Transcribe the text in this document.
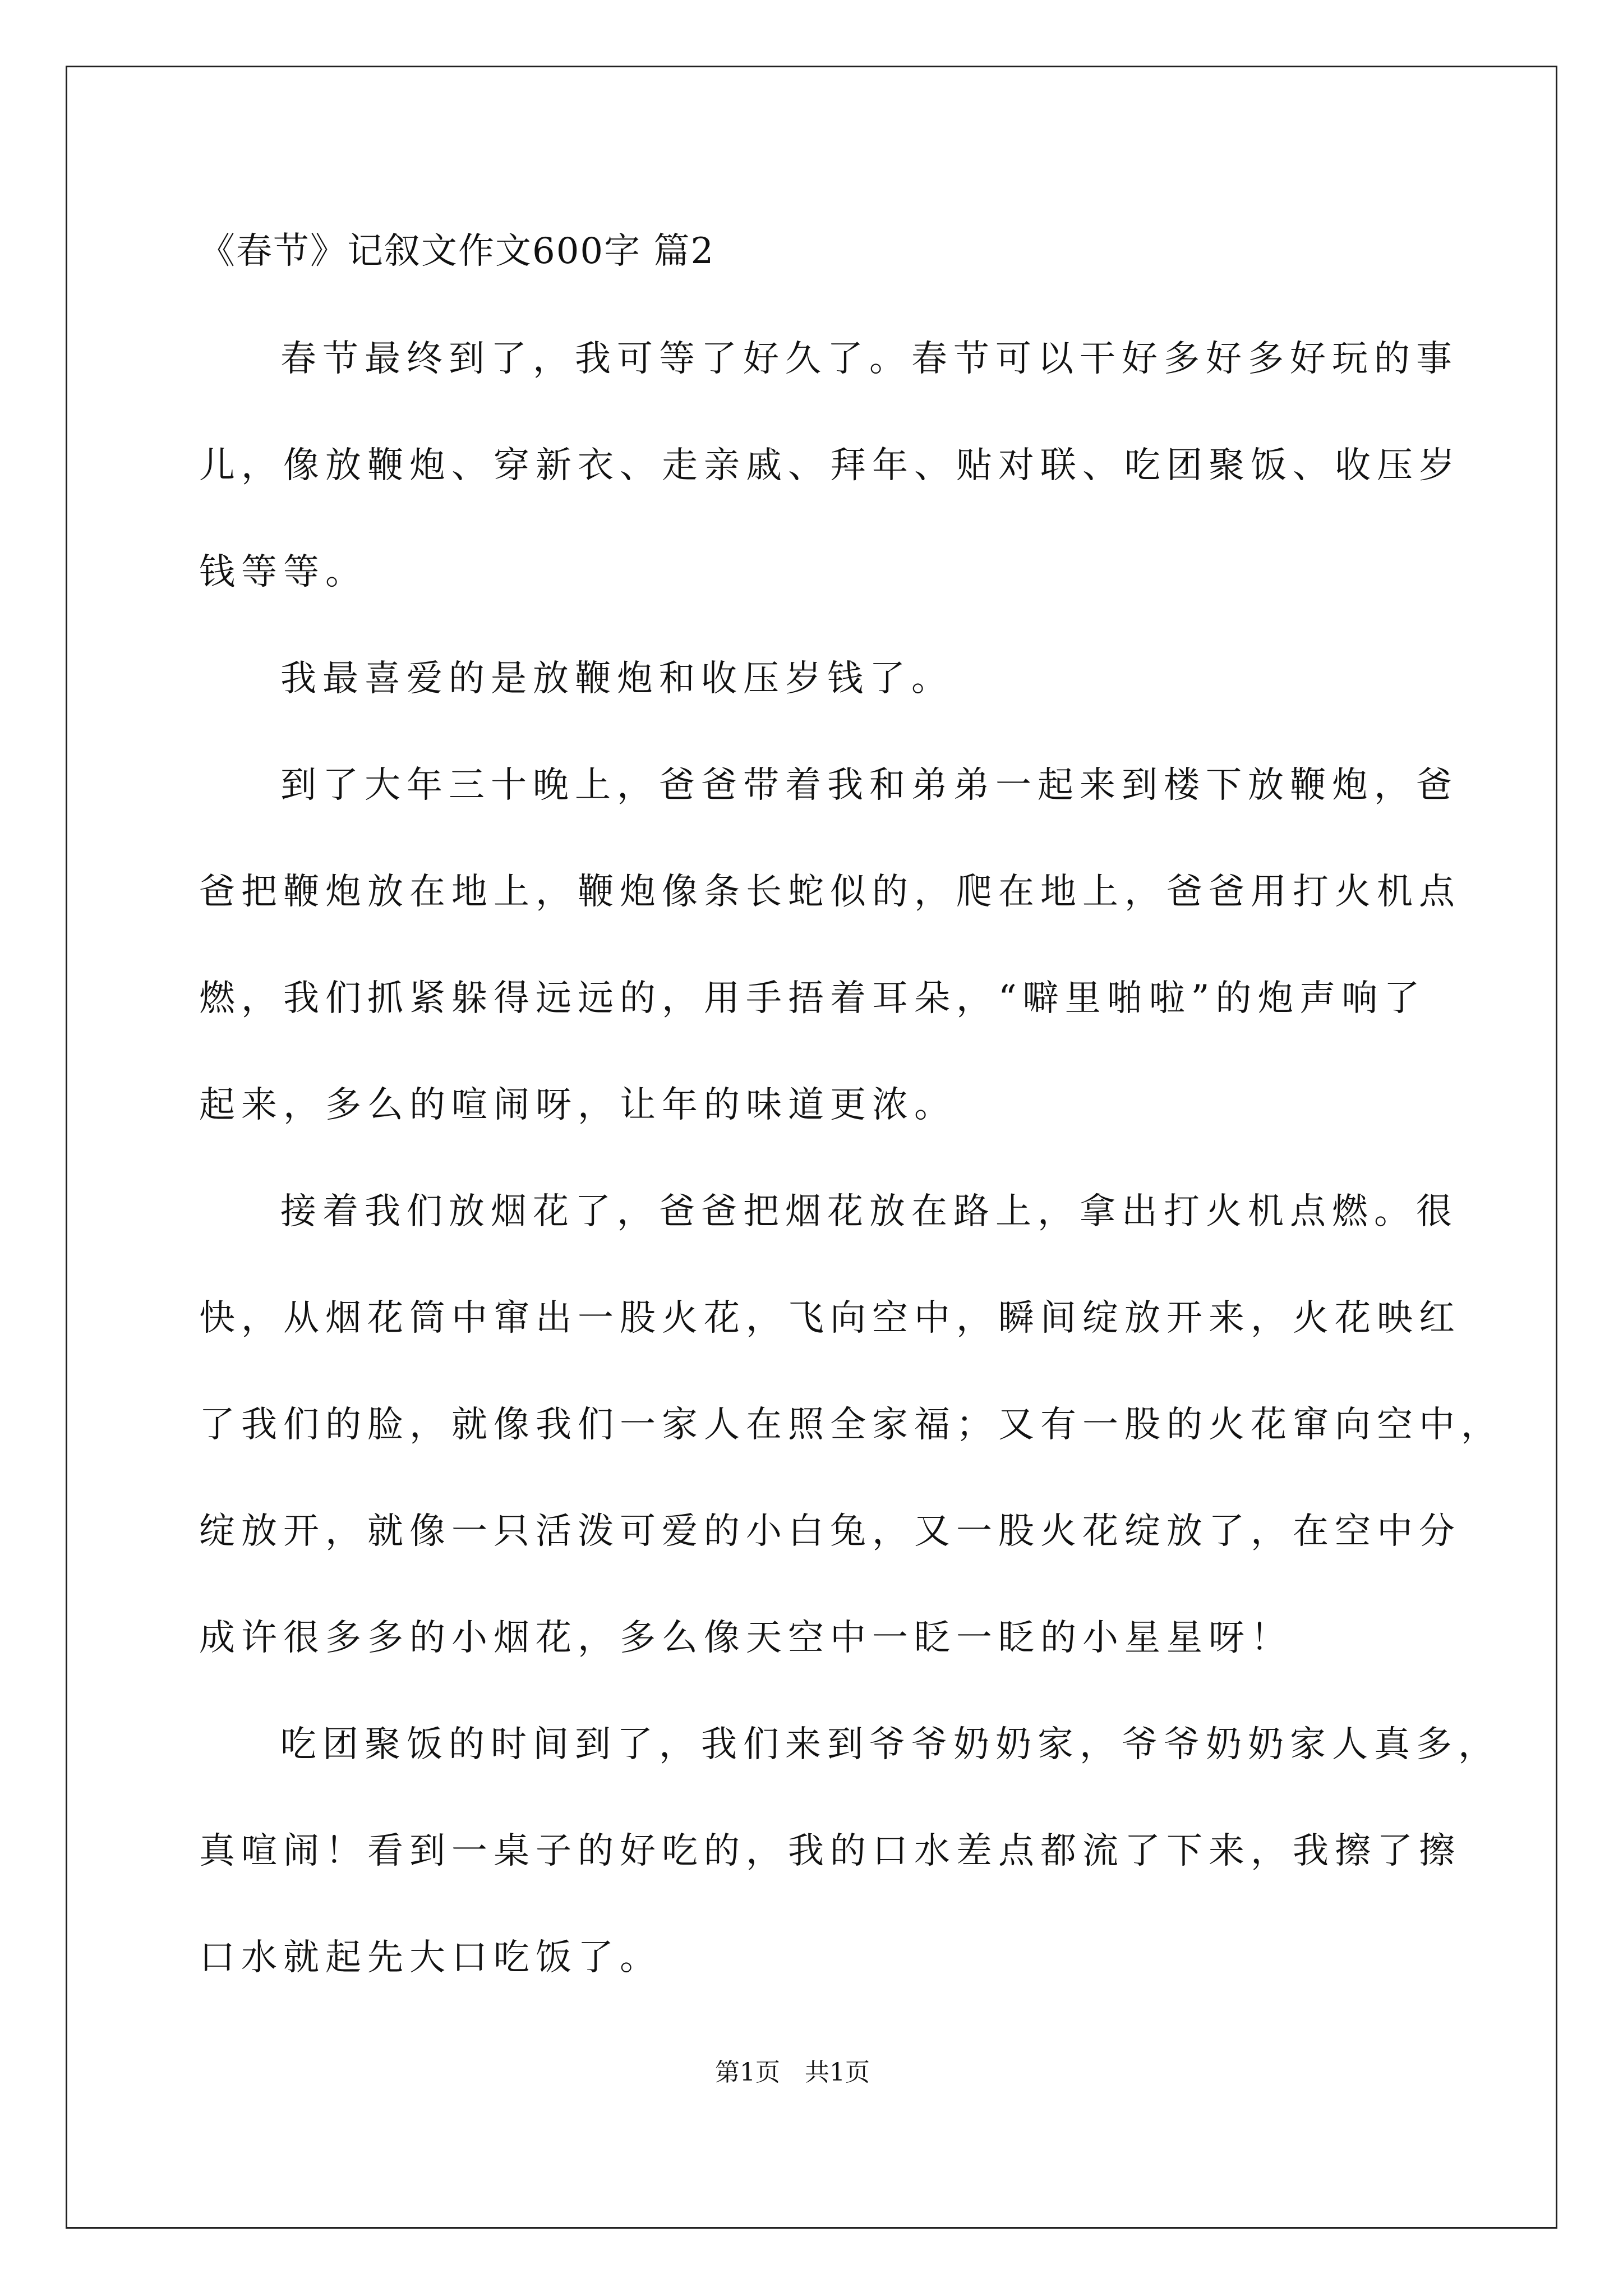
《春节》记叙文作文600字 篇2
春节最终到了，我可等了好久了。春节可以干好多好多好玩的事
儿，像放鞭炮、穿新衣、走亲戚、拜年、贴对联、吃团聚饭、收压岁
钱等等。
我最喜爱的是放鞭炮和收压岁钱了。
到了大年三十晚上，爸爸带着我和弟弟一起来到楼下放鞭炮，爸
爸把鞭炮放在地上，鞭炮像条长蛇似的，爬在地上，爸爸用打火机点
燃，我们抓紧躲得远远的，用手捂着耳朵，“噼里啪啦”的炮声响了
起来，多么的喧闹呀，让年的味道更浓。
接着我们放烟花了，爸爸把烟花放在路上，拿出打火机点燃。很
快，从烟花筒中窜出一股火花，飞向空中，瞬间绽放开来，火花映红
了我们的脸，就像我们一家人在照全家福；又有一股的火花窜向空中，
绽放开，就像一只活泼可爱的小白兔，又一股火花绽放了，在空中分
成许很多多的小烟花，多么像天空中一眨一眨的小星星呀！
吃团聚饭的时间到了，我们来到爷爷奶奶家，爷爷奶奶家人真多，
真喧闹！看到一桌子的好吃的，我的口水差点都流了下来，我擦了擦
口水就起先大口吃饭了。
第1页　共1页
